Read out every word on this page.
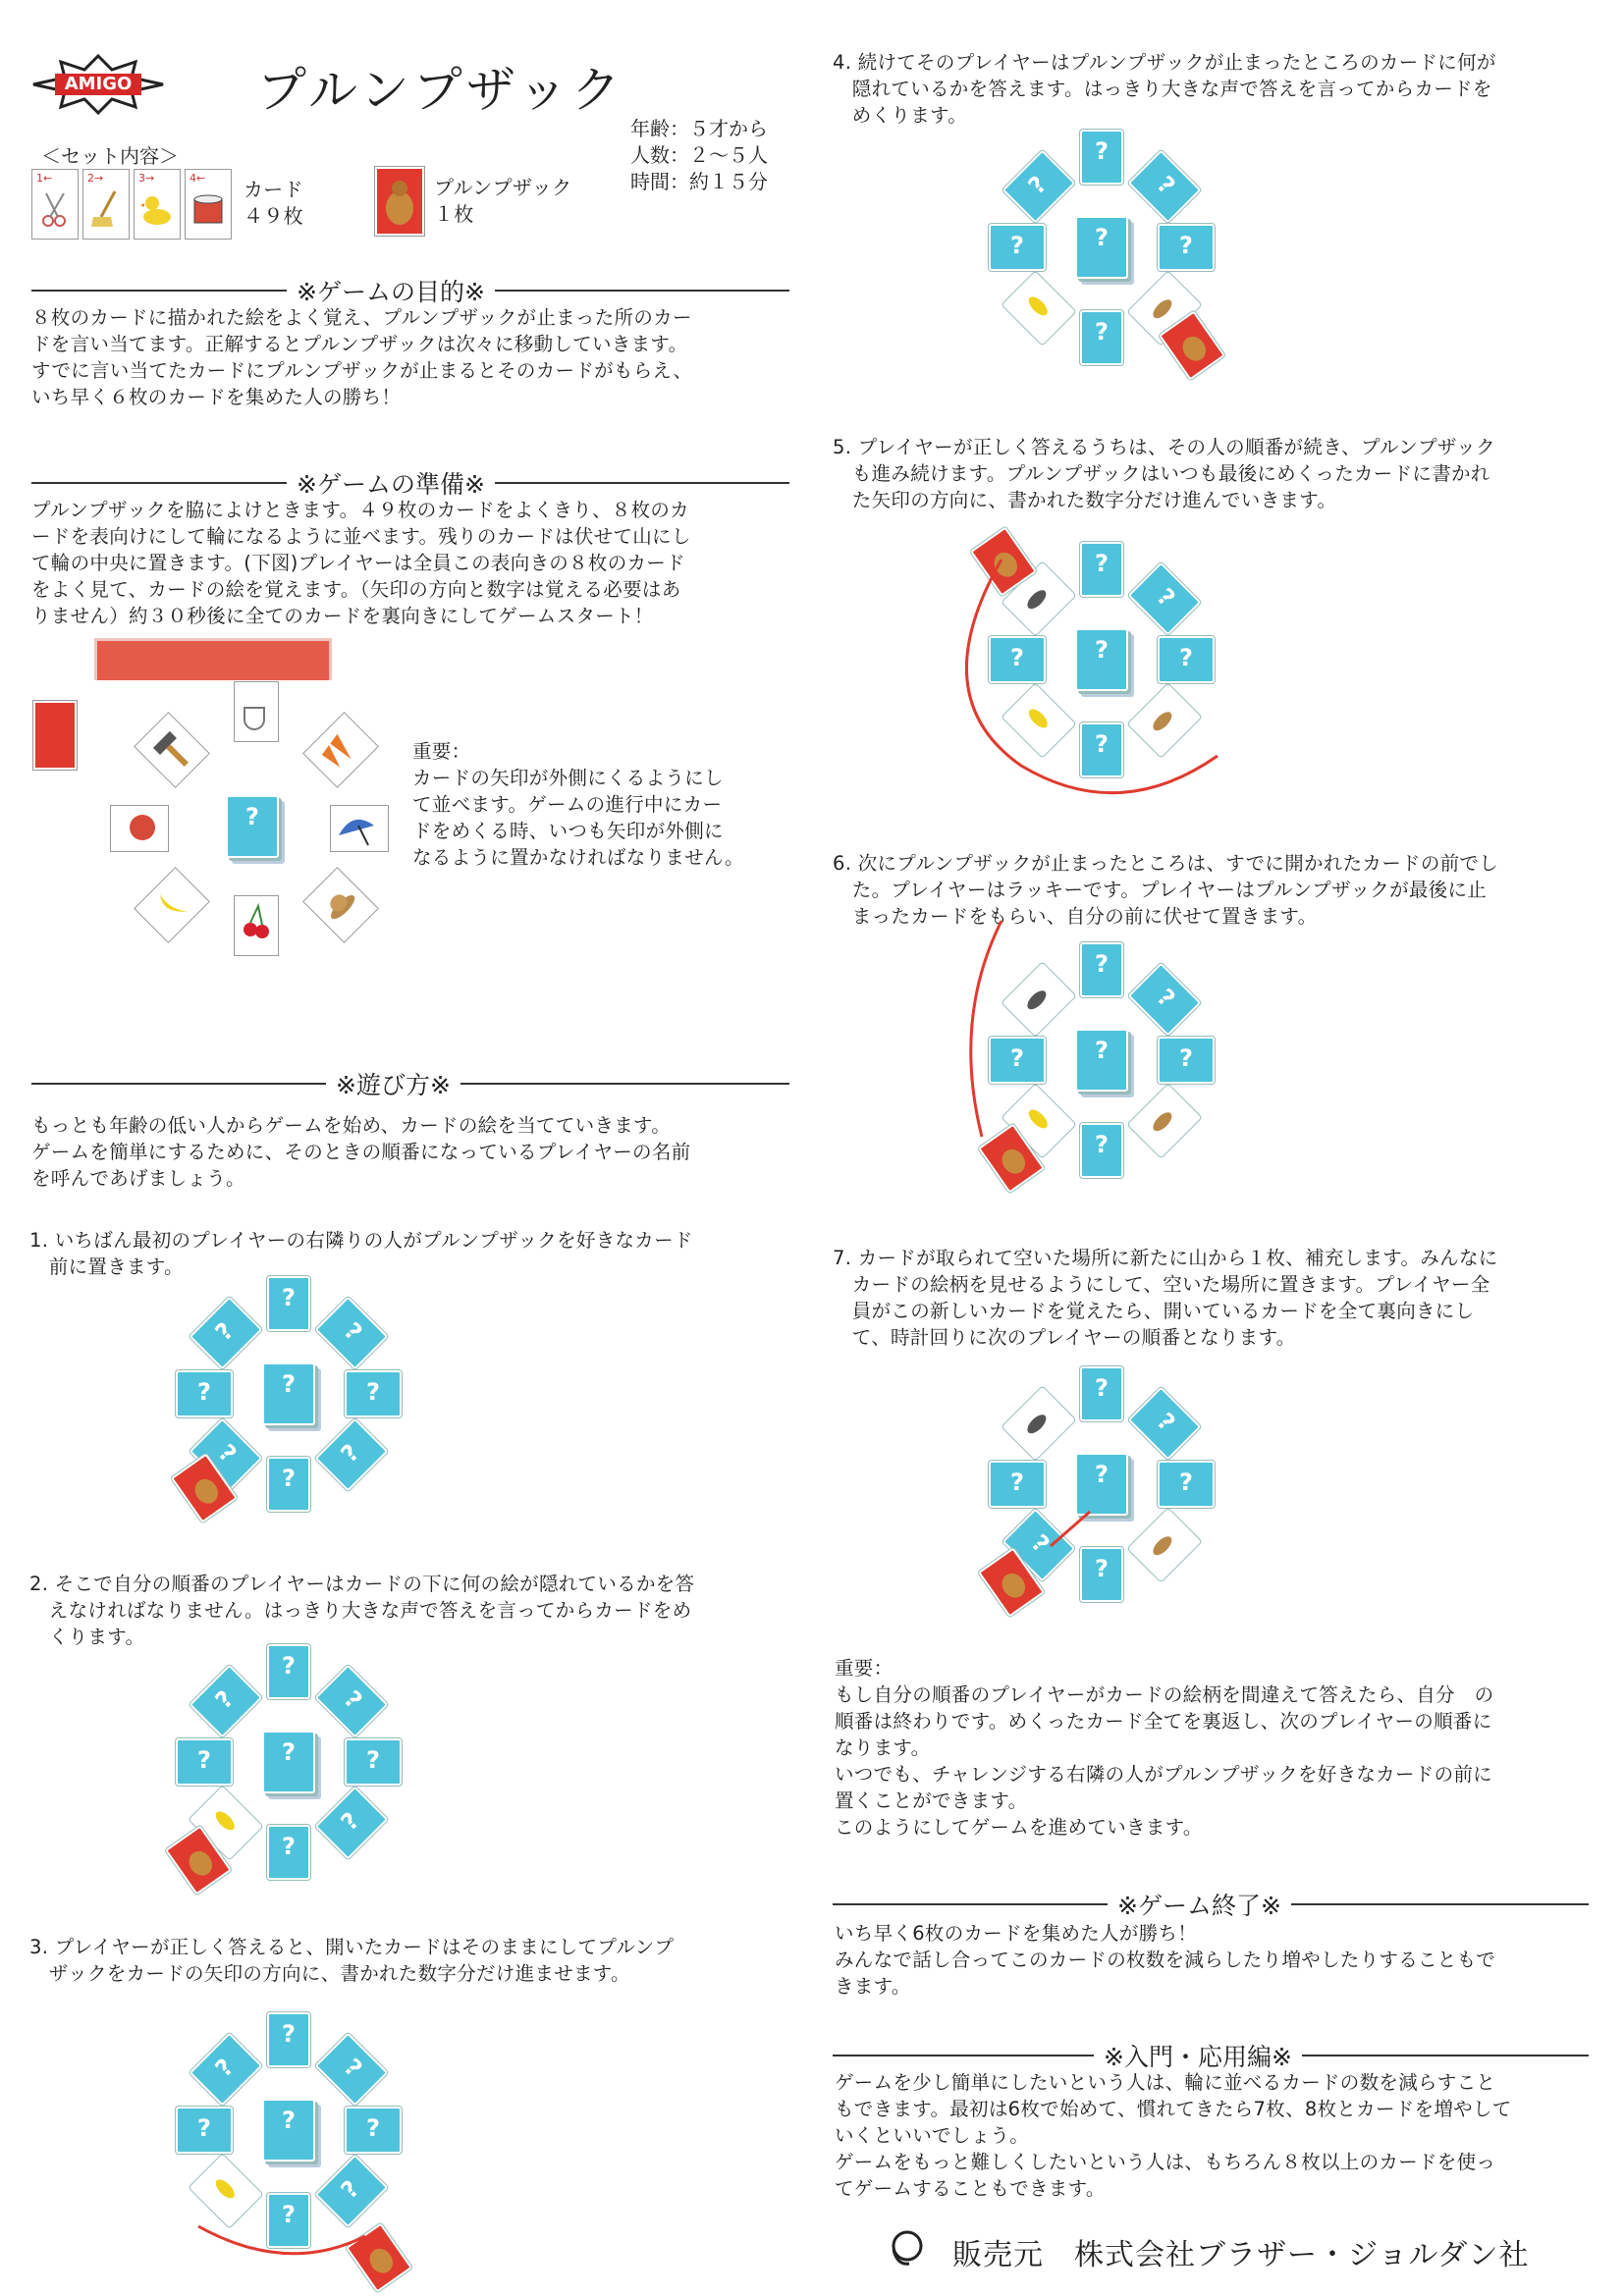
AMIGO	プルンプザック
年齢：５才から
人数：２〜５人
時間：約１５分
＜セット内容＞
1←	2→	3→	4← カード
４９枚
プルンプザック
１枚
※ゲームの目的※
８枚のカードに描かれた絵をよく覚え、プルンプザックが止まった所のカー
ドを言い当てます。正解するとプルンプザックは次々に移動していきます。
すでに言い当てたカードにプルンプザックが止まるとそのカードがもらえ、
いち早く６枚のカードを集めた人の勝ち！
※ゲームの準備※
プルンプザックを脇によけときます。４９枚のカードをよくきり、８枚のカ
ードを表向けにして輪になるように並べます。残りのカードは伏せて山にし
て輪の中央に置きます。(下図)プレイヤーは全員この表向きの８枚のカード
をよく見て、カードの絵を覚えます。（矢印の方向と数字は覚える必要はあ
りません）約３０秒後に全てのカードを裏向きにしてゲームスタート！
?
重要：
カードの矢印が外側にくるようにし
て並べます。ゲームの進行中にカー
ドをめくる時、いつも矢印が外側に
なるように置かなければなりません。
※遊び方※
もっとも年齢の低い人からゲームを始め、カードの絵を当てていきます。
ゲームを簡単にするために、そのときの順番になっているプレイヤーの名前
を呼んであげましょう。
1. いちばん最初のプレイヤーの右隣りの人がプルンプザックを好きなカード
　前に置きます。
2. そこで自分の順番のプレイヤーはカードの下に何の絵が隠れているかを答
　えなければなりません。はっきり大きな声で答えを言ってからカードをめ
　くります。
3. プレイヤーが正しく答えると、開いたカードはそのままにしてプルンプ
　ザックをカードの矢印の方向に、書かれた数字分だけ進ませます。
4. 続けてそのプレイヤーはプルンプザックが止まったところのカードに何が
　隠れているかを答えます。はっきり大きな声で答えを言ってからカードを
　めくります。
5. プレイヤーが正しく答えるうちは、その人の順番が続き、プルンプザック
　も進み続けます。プルンプザックはいつも最後にめくったカードに書かれ
　た矢印の方向に、書かれた数字分だけ進んでいきます。
6. 次にプルンプザックが止まったところは、すでに開かれたカードの前でし
　た。プレイヤーはラッキーです。プレイヤーはプルンプザックが最後に止
　まったカードをもらい、自分の前に伏せて置きます。
7. カードが取られて空いた場所に新たに山から１枚、補充します。みんなに
　カードの絵柄を見せるようにして、空いた場所に置きます。プレイヤー全
　員がこの新しいカードを覚えたら、開いているカードを全て裏向きにし
　て、時計回りに次のプレイヤーの順番となります。
重要：
もし自分の順番のプレイヤーがカードの絵柄を間違えて答えたら、自分　の
順番は終わりです。めくったカード全てを裏返し、次のプレイヤーの順番に
なります。
いつでも、チャレンジする右隣の人がプルンプザックを好きなカードの前に
置くことができます。
このようにしてゲームを進めていきます。
※ゲーム終了※
いち早く6枚のカードを集めた人が勝ち！
みんなで話し合ってこのカードの枚数を減らしたり増やしたりすることもで
きます。
※入門・応用編※
ゲームを少し簡単にしたいという人は、輪に並べるカードの数を減らすこと
もできます。最初は6枚で始めて、慣れてきたら7枚、8枚とカードを増やして
いくといいでしょう。
ゲームをもっと難しくしたいという人は、もちろん８枚以上のカードを使っ
てゲームすることもできます。
販売元　株式会社ブラザー・ジョルダン社
?
?
?
?
?
?
?
?
?
?
?
?
?
?
?
?
?
?
?
?
?
?
?
?
?
?
?
?
?
?
?
?
?
?
?
?
?
?
?
?
?
?
?
?
?
?
?
?
?
?
?
